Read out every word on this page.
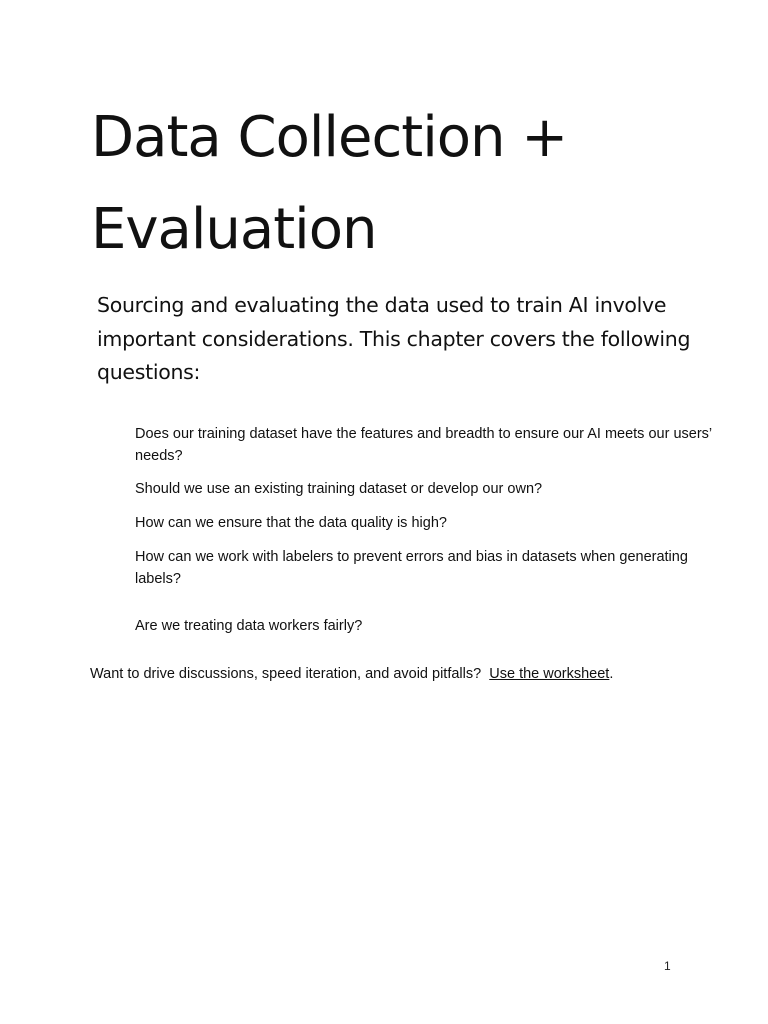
Data Collection +
Evaluation

Sourcing and evaluating the data used to train AI involve important considerations. This chapter covers the following questions:

Does our training dataset have the features and breadth to ensure our AI meets our users’ needs?
Should we use an existing training dataset or develop our own?
How can we ensure that the data quality is high?
How can we work with labelers to prevent errors and bias in datasets when generating labels?
Are we treating data workers fairly?

Want to drive discussions, speed iteration, and avoid pitfalls? Use the worksheet.

1
